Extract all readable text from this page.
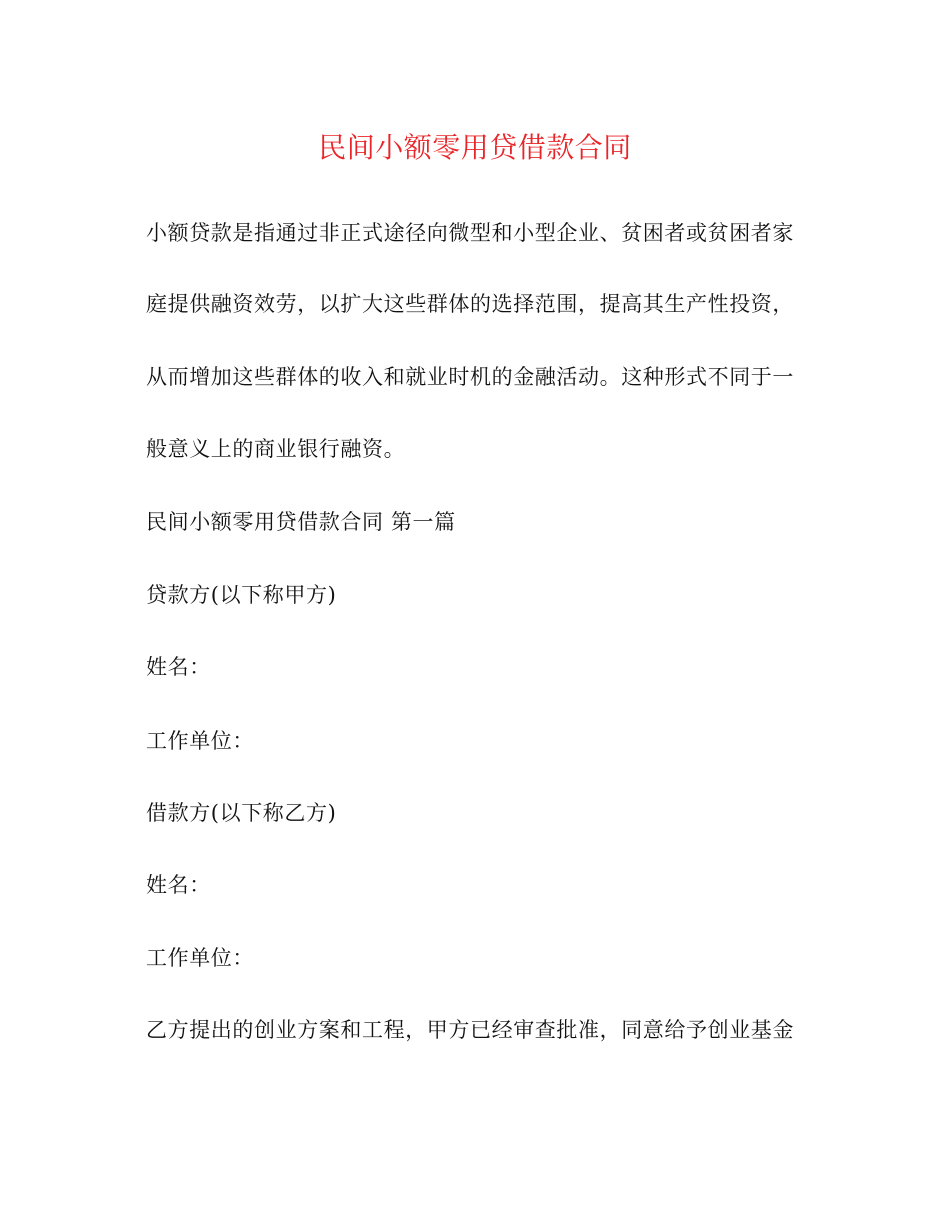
民间小额零用贷借款合同
小额贷款是指通过非正式途径向微型和小型企业、贫困者或贫困者家
庭提供融资效劳，以扩大这些群体的选择范围，提高其生产性投资，
从而增加这些群体的收入和就业时机的金融活动。这种形式不同于一
般意义上的商业银行融资。
民间小额零用贷借款合同 第一篇
贷款方(以下称甲方)
姓名：
工作单位：
借款方(以下称乙方)
姓名：
工作单位：
乙方提出的创业方案和工程，甲方已经审查批准，同意给予创业基金
